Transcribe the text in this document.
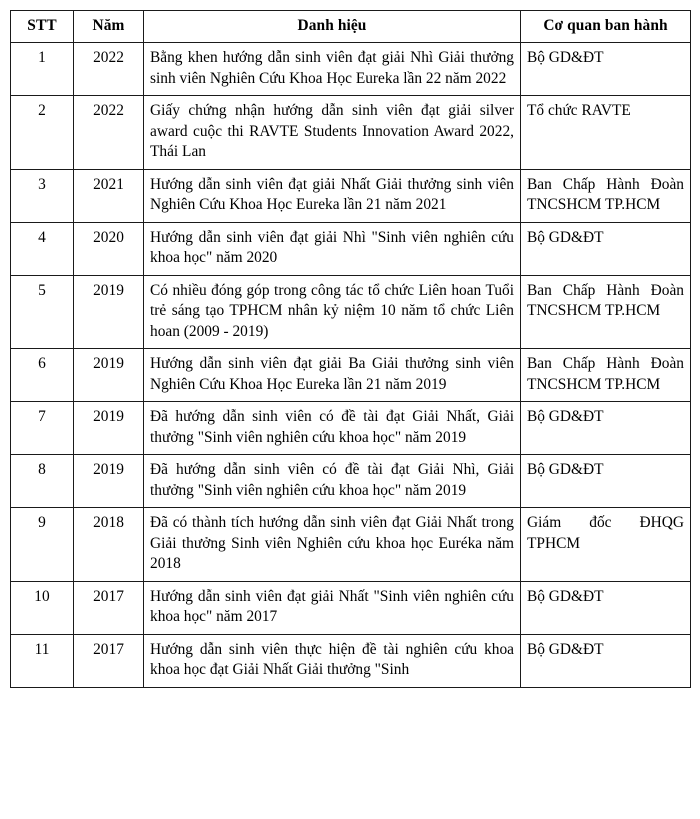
STT	Năm	Danh hiệu	Cơ quan ban hành
1	2022	Bằng khen hướng dẫn sinh viên đạt giải Nhì Giải thưởng sinh viên Nghiên Cứu Khoa Học Eureka lần 22 năm 2022	Bộ GD&ĐT
2	2022	Giấy chứng nhận hướng dẫn sinh viên đạt giải silver award cuộc thi RAVTE Students Innovation Award 2022, Thái Lan	Tổ chức RAVTE
3	2021	Hướng dẫn sinh viên đạt giải Nhất Giải thưởng sinh viên Nghiên Cứu Khoa Học Eureka lần 21 năm 2021	Ban Chấp Hành Đoàn TNCSHCM TP.HCM
4	2020	Hướng dẫn sinh viên đạt giải Nhì "Sinh viên nghiên cứu khoa học" năm 2020	Bộ GD&ĐT
5	2019	Có nhiều đóng góp trong công tác tổ chức Liên hoan Tuổi trẻ sáng tạo TPHCM nhân kỷ niệm 10 năm tổ chức Liên hoan (2009 - 2019)	Ban Chấp Hành Đoàn TNCSHCM TP.HCM
6	2019	Hướng dẫn sinh viên đạt giải Ba Giải thưởng sinh viên Nghiên Cứu Khoa Học Eureka lần 21 năm 2019	Ban Chấp Hành Đoàn TNCSHCM TP.HCM
7	2019	Đã hướng dẫn sinh viên có đề tài đạt Giải Nhất, Giải thưởng "Sinh viên nghiên cứu khoa học" năm 2019	Bộ GD&ĐT
8	2019	Đã hướng dẫn sinh viên có đề tài đạt Giải Nhì, Giải thưởng "Sinh viên nghiên cứu khoa học" năm 2019	Bộ GD&ĐT
9	2018	Đã có thành tích hướng dẫn sinh viên đạt Giải Nhất trong Giải thưởng Sinh viên Nghiên cứu khoa học Euréka năm 2018	Giám đốc ĐHQG TPHCM

10	2017	Hướng dẫn sinh viên đạt giải Nhất "Sinh viên nghiên cứu khoa học" năm 2017	Bộ GD&ĐT
11	2017	Hướng dẫn sinh viên thực hiện đề tài nghiên cứu khoa khoa học đạt Giải Nhất Giải thưởng "Sinh	Bộ GD&ĐT
